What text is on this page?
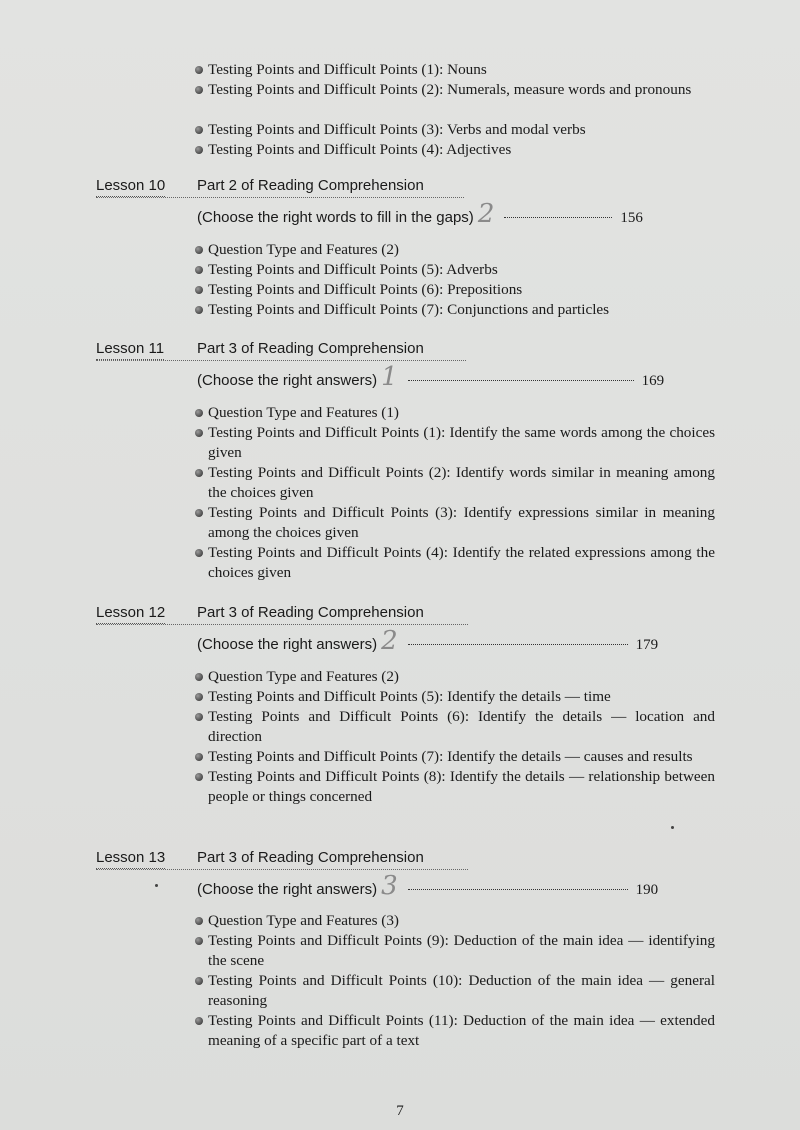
Testing Points and Difficult Points (1): Nouns
Testing Points and Difficult Points (2): Numerals, measure words and pronouns
Testing Points and Difficult Points (3): Verbs and modal verbs
Testing Points and Difficult Points (4): Adjectives
Lesson 10 Part 2 of Reading Comprehension
(Choose the right words to fill in the gaps) 2	156
Question Type and Features (2)
Testing Points and Difficult Points (5): Adverbs
Testing Points and Difficult Points (6): Prepositions
Testing Points and Difficult Points (7): Conjunctions and particles
Lesson 11 Part 3 of Reading Comprehension
(Choose the right answers) 1	169
Question Type and Features (1)
Testing Points and Difficult Points (1): Identify the same words among the choices given
Testing Points and Difficult Points (2): Identify words similar in meaning among the choices given
Testing Points and Difficult Points (3): Identify expressions similar in meaning among the choices given
Testing Points and Difficult Points (4): Identify the related expressions among the choices given
Lesson 12 Part 3 of Reading Comprehension
(Choose the right answers) 2	179
Question Type and Features (2)
Testing Points and Difficult Points (5): Identify the details — time
Testing Points and Difficult Points (6): Identify the details — location and direction
Testing Points and Difficult Points (7): Identify the details — causes and results
Testing Points and Difficult Points (8): Identify the details — relationship between people or things concerned
Lesson 13 Part 3 of Reading Comprehension
(Choose the right answers) 3	190
Question Type and Features (3)
Testing Points and Difficult Points (9): Deduction of the main idea — identifying the scene
Testing Points and Difficult Points (10): Deduction of the main idea — general reasoning
Testing Points and Difficult Points (11): Deduction of the main idea — extended meaning of a specific part of a text
7
